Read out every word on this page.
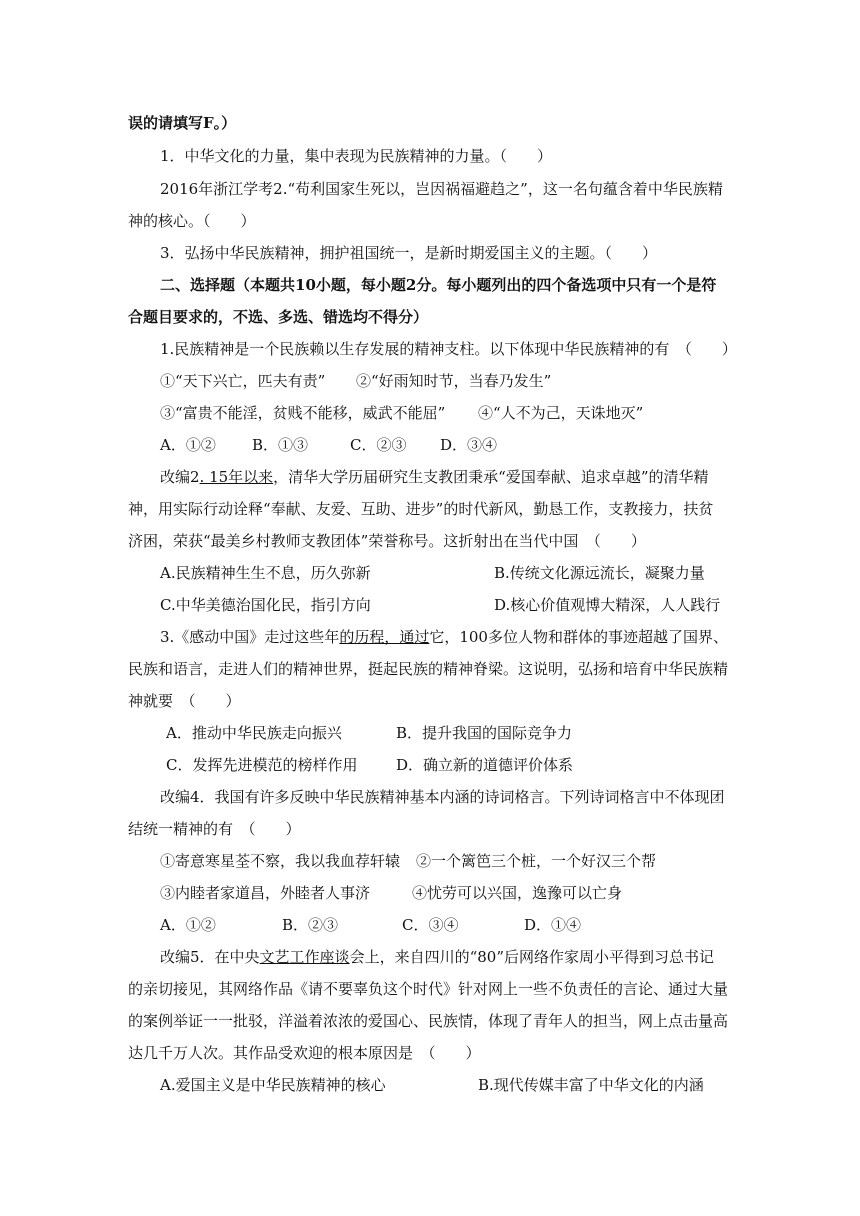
误的请填写F。）
1．中华文化的力量，集中表现为民族精神的力量。（　　）
2016年浙江学考2.“苟利国家生死以，岂因祸福避趋之”，这一名句蕴含着中华民族精
神的核心。（　　）
3．弘扬中华民族精神，拥护祖国统一，是新时期爱国主义的主题。（　　）
二、选择题（本题共10小题，每小题2分。每小题列出的四个备选项中只有一个是符
合题目要求的，不选、多选、错选均不得分）
1.民族精神是一个民族赖以生存发展的精神支柱。以下体现中华民族精神的有　（　　）
①“天下兴亡，匹夫有责” ②“好雨知时节，当春乃发生”
③“富贵不能淫，贫贱不能移，威武不能屈” ④“人不为己，天诛地灭”
A．①② B．①③	C．②③ D．③④
改编2. 15年以来，清华大学历届研究生支教团秉承“爱国奉献、追求卓越”的清华精
神，用实际行动诠释“奉献、友爱、互助、进步”的时代新风，勤恳工作，支教接力，扶贫
济困，荣获“最美乡村教师支教团体”荣誉称号。这折射出在当代中国　（　　）
A.民族精神生生不息，历久弥新	B.传统文化源远流长，凝聚力量
C.中华美德治国化民，指引方向	D.核心价值观博大精深，人人践行
3.《感动中国》走过这些年的历程，通过它，100多位人物和群体的事迹超越了国界、
民族和语言，走进人们的精神世界，挺起民族的精神脊梁。这说明，弘扬和培育中华民族精
神就要　（　　）
A．推动中华民族走向振兴	B．提升我国的国际竞争力
C．发挥先进模范的榜样作用	D．确立新的道德评价体系
改编4．我国有许多反映中华民族精神基本内涵的诗词格言。下列诗词格言中不体现团
结统一精神的有　（　　）
①寄意寒星荃不察，我以我血荐轩辕 ②一个篱笆三个桩，一个好汉三个帮
③内睦者家道昌，外睦者人事济	④忧劳可以兴国，逸豫可以亡身
A．①②	B．②③	C．③④	D．①④
改编5．在中央文艺工作座谈会上，来自四川的“80”后网络作家周小平得到习总书记
的亲切接见，其网络作品《请不要辜负这个时代》针对网上一些不负责任的言论、通过大量
的案例举证一一批驳，洋溢着浓浓的爱国心、民族情，体现了青年人的担当，网上点击量高
达几千万人次。其作品受欢迎的根本原因是　（　　）
A.爱国主义是中华民族精神的核心	B.现代传媒丰富了中华文化的内涵
